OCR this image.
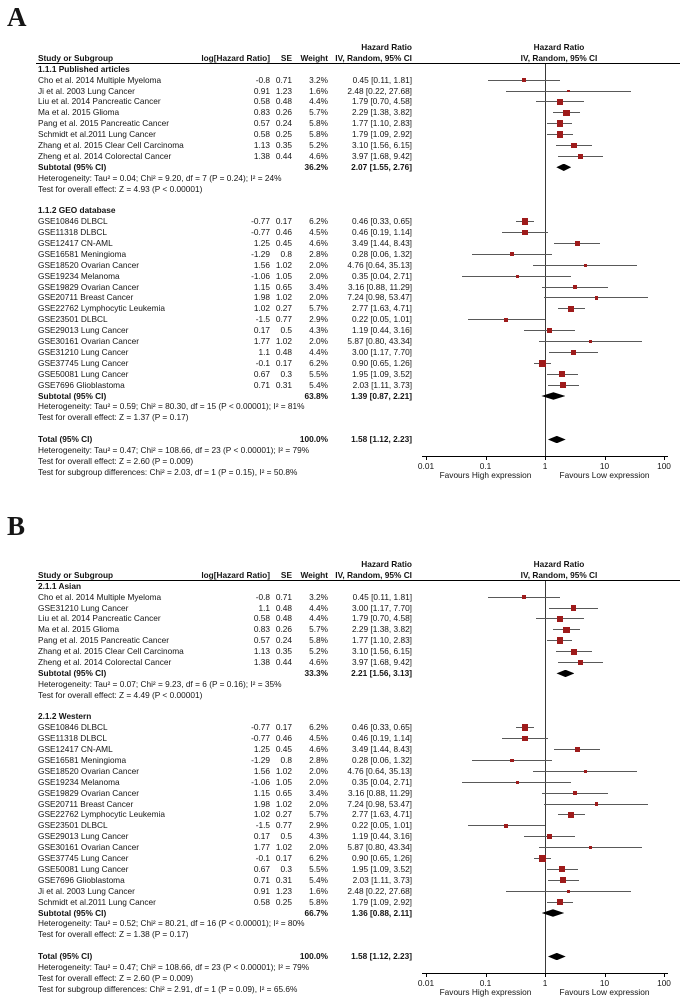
A
Hazard Ratio	Hazard Ratio
Study or Subgroup	log[Hazard Ratio]	SE	Weight IV, Random, 95% CI	IV, Random, 95% CI
1.1.1 Published articles
Cho et al. 2014 Multiple Myeloma	-0.8 0.71	3.2%	0.45 [0.11, 1.81]
Ji et al. 2003 Lung Cancer	0.91 1.23	1.6%	2.48 [0.22, 27.68]
Liu et al. 2014 Pancreatic Cancer	0.58 0.48	4.4%	1.79 [0.70, 4.58]
Ma et al. 2015 Glioma	0.83 0.26	5.7%	2.29 [1.38, 3.82]
Pang et al. 2015 Pancreatic Cancer	0.57 0.24	5.8%	1.77 [1.10, 2.83]
Schmidt et al.2011 Lung Cancer	0.58 0.25	5.8%	1.79 [1.09, 2.92]
Zhang et al. 2015 Clear Cell Carcinoma	1.13 0.35	5.2%	3.10 [1.56, 6.15]
Zheng et al. 2014 Colorectal Cancer	1.38 0.44	4.6%	3.97 [1.68, 9.42]
Subtotal (95% CI)	36.2%	2.07 [1.55, 2.76]
Heterogeneity: Tau² = 0.04; Chi² = 9.20, df = 7 (P = 0.24); I² = 24%
Test for overall effect: Z = 4.93 (P < 0.00001)
1.1.2 GEO database
GSE10846 DLBCL	-0.77 0.17	6.2%	0.46 [0.33, 0.65]
GSE11318 DLBCL	-0.77 0.46	4.5%	0.46 [0.19, 1.14]
GSE12417 CN-AML	1.25 0.45	4.6%	3.49 [1.44, 8.43]
GSE16581 Meningioma	-1.29	0.8	2.8%	0.28 [0.06, 1.32]
GSE18520 Ovarian Cancer	1.56 1.02	2.0%	4.76 [0.64, 35.13]
GSE19234 Melanoma	-1.06 1.05	2.0%	0.35 [0.04, 2.71]
GSE19829 Ovarian Cancer	1.15 0.65	3.4%	3.16 [0.88, 11.29]
GSE20711 Breast Cancer	1.98 1.02	2.0%	7.24 [0.98, 53.47]
GSE22762 Lymphocytic Leukemia	1.02 0.27	5.7%	2.77 [1.63, 4.71]
GSE23501 DLBCL	-1.5 0.77	2.9%	0.22 [0.05, 1.01]
GSE29013 Lung Cancer	0.17	0.5	4.3%	1.19 [0.44, 3.16]
GSE30161 Ovarian Cancer	1.77 1.02	2.0%	5.87 [0.80, 43.34]
GSE31210 Lung Cancer	1.1 0.48	4.4%	3.00 [1.17, 7.70]
GSE37745 Lung Cancer	-0.1 0.17	6.2%	0.90 [0.65, 1.26]
GSE50081 Lung Cancer	0.67	0.3	5.5%	1.95 [1.09, 3.52]
GSE7696 Glioblastoma	0.71 0.31	5.4%	2.03 [1.11, 3.73]
Subtotal (95% CI)	63.8%	1.39 [0.87, 2.21]
Heterogeneity: Tau² = 0.59; Chi² = 80.30, df = 15 (P < 0.00001); I² = 81%
Test for overall effect: Z = 1.37 (P = 0.17)
Total (95% CI)	100.0%	1.58 [1.12, 2.23]
Heterogeneity: Tau² = 0.47; Chi² = 108.66, df = 23 (P < 0.00001); I² = 79%
Test for overall effect: Z = 2.60 (P = 0.009)
Test for subgroup differences: Chi² = 2.03, df = 1 (P = 0.15), I² = 50.8%
0.01	0.1	1	10	100
Favours High expression	Favours Low expression
B
Hazard Ratio	Hazard Ratio
Study or Subgroup	log[Hazard Ratio]	SE	Weight IV, Random, 95% CI	IV, Random, 95% CI
2.1.1 Asian
Cho et al. 2014 Multiple Myeloma	-0.8 0.71	3.2%	0.45 [0.11, 1.81]
GSE31210 Lung Cancer	1.1 0.48	4.4%	3.00 [1.17, 7.70]
Liu et al. 2014 Pancreatic Cancer	0.58 0.48	4.4%	1.79 [0.70, 4.58]
Ma et al. 2015 Glioma	0.83 0.26	5.7%	2.29 [1.38, 3.82]
Pang et al. 2015 Pancreatic Cancer	0.57 0.24	5.8%	1.77 [1.10, 2.83]
Zhang et al. 2015 Clear Cell Carcinoma	1.13 0.35	5.2%	3.10 [1.56, 6.15]
Zheng et al. 2014 Colorectal Cancer	1.38 0.44	4.6%	3.97 [1.68, 9.42]
Subtotal (95% CI)	33.3%	2.21 [1.56, 3.13]
Heterogeneity: Tau² = 0.07; Chi² = 9.23, df = 6 (P = 0.16); I² = 35%
Test for overall effect: Z = 4.49 (P < 0.00001)
2.1.2 Western
GSE10846 DLBCL	-0.77 0.17	6.2%	0.46 [0.33, 0.65]
GSE11318 DLBCL	-0.77 0.46	4.5%	0.46 [0.19, 1.14]
GSE12417 CN-AML	1.25 0.45	4.6%	3.49 [1.44, 8.43]
GSE16581 Meningioma	-1.29	0.8	2.8%	0.28 [0.06, 1.32]
GSE18520 Ovarian Cancer	1.56 1.02	2.0%	4.76 [0.64, 35.13]
GSE19234 Melanoma	-1.06 1.05	2.0%	0.35 [0.04, 2.71]
GSE19829 Ovarian Cancer	1.15 0.65	3.4%	3.16 [0.88, 11.29]
GSE20711 Breast Cancer	1.98 1.02	2.0%	7.24 [0.98, 53.47]
GSE22762 Lymphocytic Leukemia	1.02 0.27	5.7%	2.77 [1.63, 4.71]
GSE23501 DLBCL	-1.5 0.77	2.9%	0.22 [0.05, 1.01]
GSE29013 Lung Cancer	0.17	0.5	4.3%	1.19 [0.44, 3.16]
GSE30161 Ovarian Cancer	1.77 1.02	2.0%	5.87 [0.80, 43.34]
GSE37745 Lung Cancer	-0.1 0.17	6.2%	0.90 [0.65, 1.26]
GSE50081 Lung Cancer	0.67	0.3	5.5%	1.95 [1.09, 3.52]
GSE7696 Glioblastoma	0.71 0.31	5.4%	2.03 [1.11, 3.73]
Ji et al. 2003 Lung Cancer	0.91 1.23	1.6%	2.48 [0.22, 27.68]
Schmidt et al.2011 Lung Cancer	0.58 0.25	5.8%	1.79 [1.09, 2.92]
Subtotal (95% CI)	66.7%	1.36 [0.88, 2.11]
Heterogeneity: Tau² = 0.52; Chi² = 80.21, df = 16 (P < 0.00001); I² = 80%
Test for overall effect: Z = 1.38 (P = 0.17)
Total (95% CI)	100.0%	1.58 [1.12, 2.23]
Heterogeneity: Tau² = 0.47; Chi² = 108.66, df = 23 (P < 0.00001); I² = 79%
Test for overall effect: Z = 2.60 (P = 0.009)
Test for subgroup differences: Chi² = 2.91, df = 1 (P = 0.09), I² = 65.6%
0.01	0.1	1	10	100
Favours High expression	Favours Low expression
